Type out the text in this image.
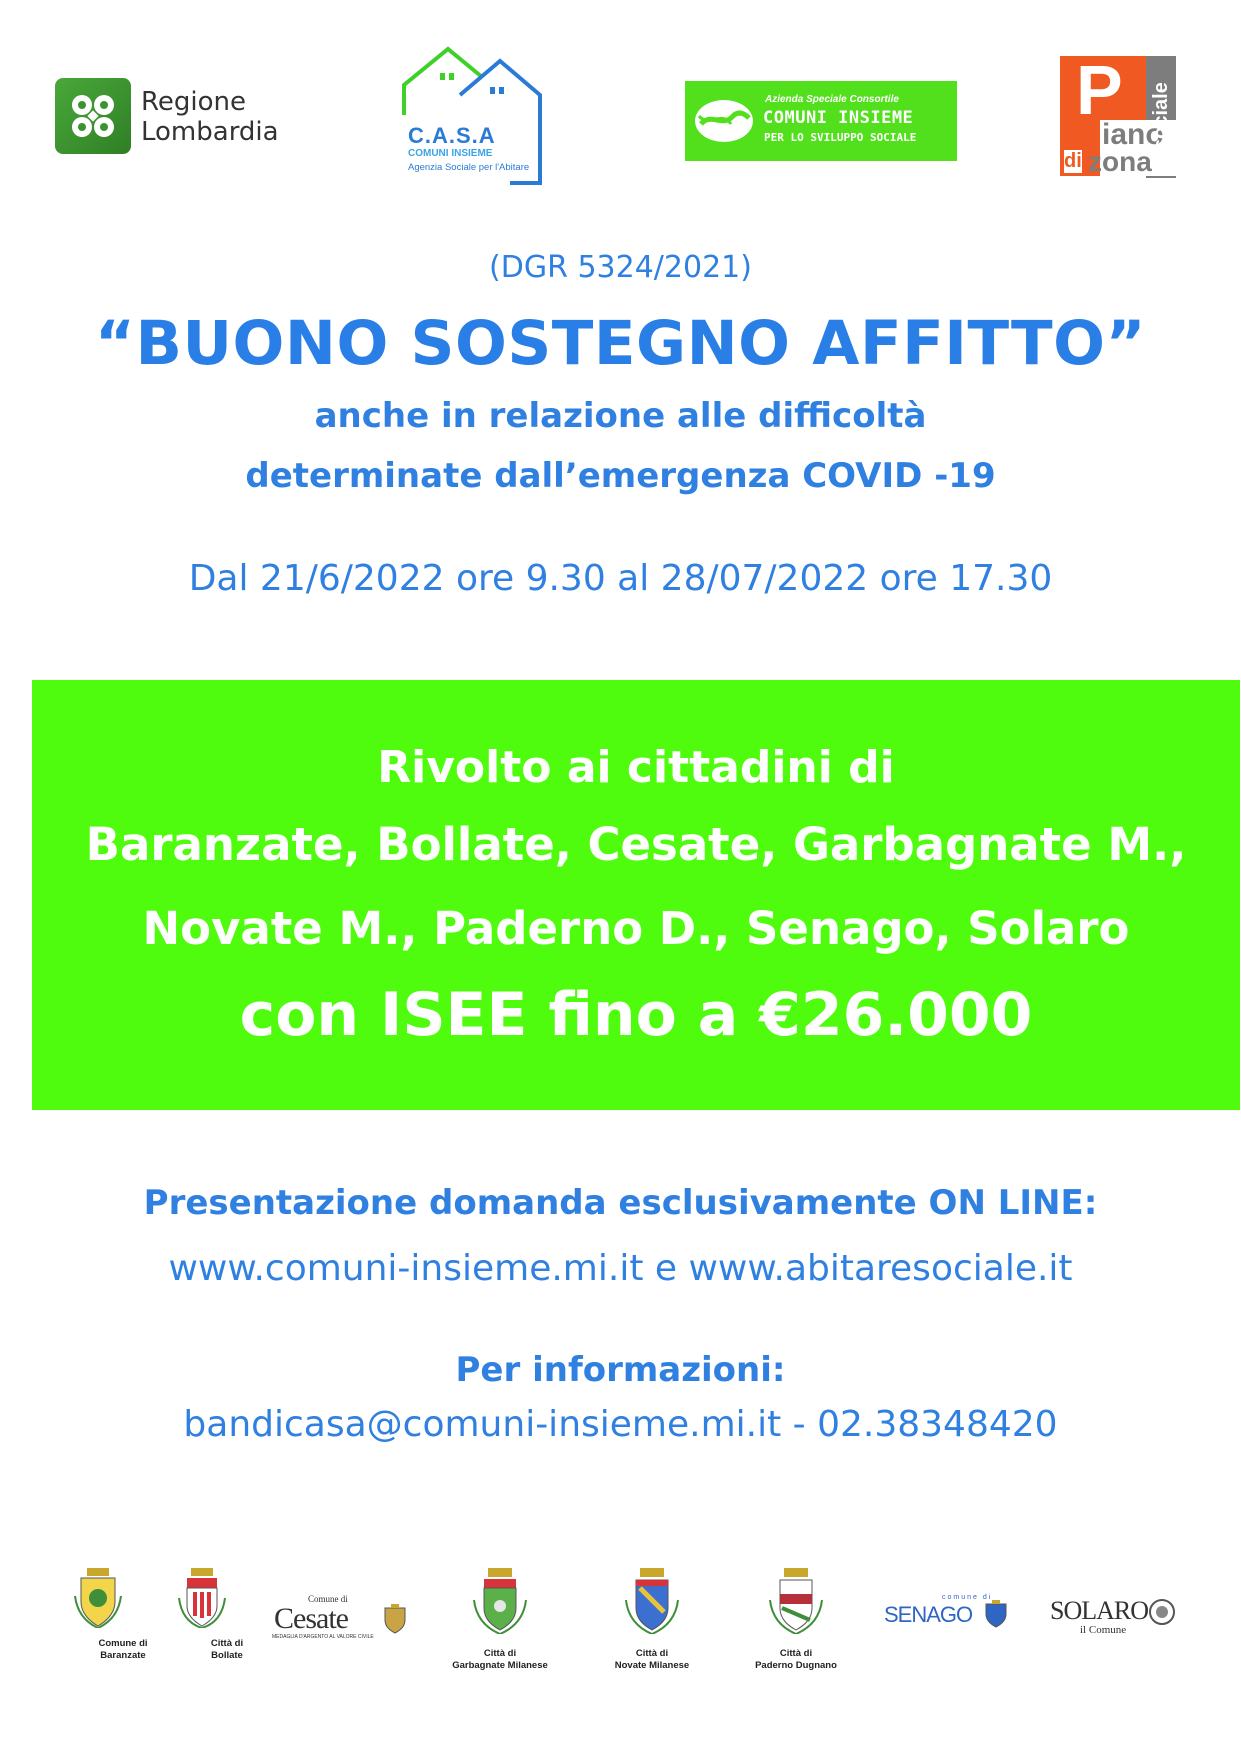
Regione
Lombardia	C.A.S.A
COMUNI INSIEME
Agenzia Sociale per l'Abitare
Azienda Speciale Consortile
COMUNI INSIEME
PER LO SVILUPPO SOCIALE
P
iano
sociale
di zona
(DGR 5324/2021)
“BUONO SOSTEGNO AFFITTO”
anche in relazione alle difficoltà
determinate dall’emergenza COVID -19
Dal 21/6/2022 ore 9.30 al 28/07/2022 ore 17.30
Rivolto ai cittadini di
Baranzate, Bollate, Cesate, Garbagnate M.,
Novate M., Paderno D., Senago, Solaro
con ISEE fino a €26.000
Presentazione domanda esclusivamente ON LINE:
www.comuni-insieme.mi.it e www.abitaresociale.it
Per informazioni:
bandicasa@comuni-insieme.mi.it - 02.38348420
Comune di
Baranzate
Città di
Bollate
Comune di
Cesate
MEDAGLIA D'ARGENTO AL VALORE CIVILE
Città di
Garbagnate Milanese
Città di
Novate Milanese
Città di
Paderno Dugnano
comune di
SENAGO	SOLARO
il Comune
